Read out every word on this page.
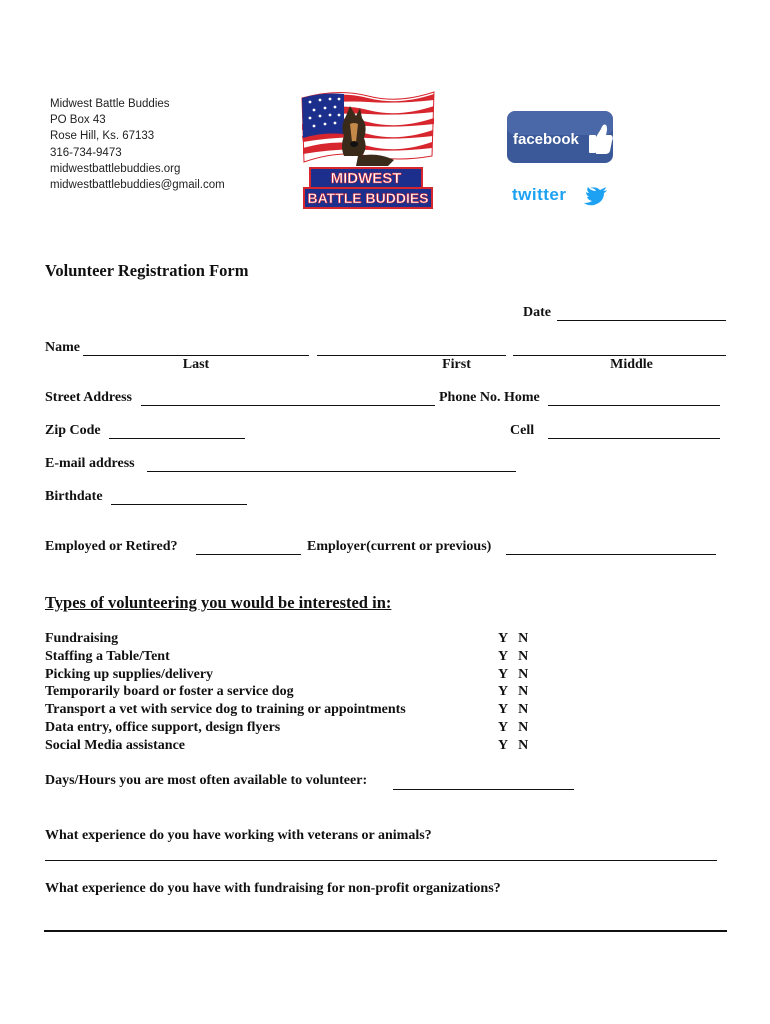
Midwest Battle Buddies
PO Box 43
Rose Hill, Ks. 67133
316-734-9473
midwestbattlebuddies.org
midwestbattlebuddies@gmail.com	MIDWEST
BATTLE BUDDIES
facebook
twitter
Volunteer Registration Form
Date
Name
Last	First	Middle
Street Address	Phone No. Home
Zip Code	Cell
E-mail address
Birthdate
Employed or Retired?	Employer(current or previous)
Types of volunteering you would be interested in:
Fundraising	Y   N
Staffing a Table/Tent	Y   N
Picking up supplies/delivery	Y   N
Temporarily board or foster a service dog	Y   N
Transport a vet with service dog to training or appointments	Y   N
Data entry, office support, design flyers	Y   N
Social Media assistance	Y   N
Days/Hours you are most often available to volunteer:
What experience do you have working with veterans or animals?
What experience do you have with fundraising for non-profit organizations?
